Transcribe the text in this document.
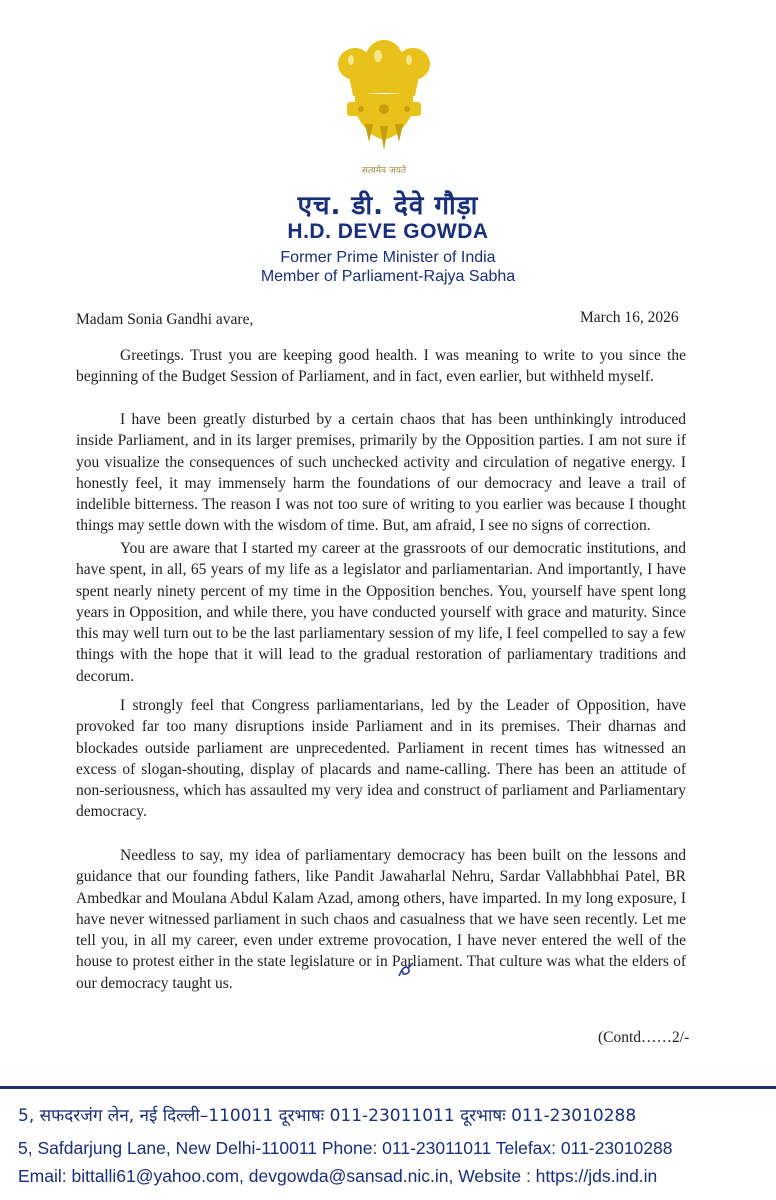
सत्यमेव जयते
एच. डी. देवे गौड़ा
H.D. DEVE GOWDA
Former Prime Minister of India
Member of Parliament-Rajya Sabha
Madam Sonia Gandhi avare,	March 16, 2026

Greetings. Trust you are keeping good health. I was meaning to write to you since the beginning of the Budget Session of Parliament, and in fact, even earlier, but withheld myself.

I have been greatly disturbed by a certain chaos that has been unthinkingly introduced inside Parliament, and in its larger premises, primarily by the Opposition parties. I am not sure if you visualize the consequences of such unchecked activity and circulation of negative energy. I honestly feel, it may immensely harm the foundations of our democracy and leave a trail of indelible bitterness. The reason I was not too sure of writing to you earlier was because I thought things may settle down with the wisdom of time. But, am afraid, I see no signs of correction.

You are aware that I started my career at the grassroots of our democratic institutions, and have spent, in all, 65 years of my life as a legislator and parliamentarian. And importantly, I have spent nearly ninety percent of my time in the Opposition benches. You, yourself have spent long years in Opposition, and while there, you have conducted yourself with grace and maturity. Since this may well turn out to be the last parliamentary session of my life, I feel compelled to say a few things with the hope that it will lead to the gradual restoration of parliamentary traditions and decorum.

I strongly feel that Congress parliamentarians, led by the Leader of Opposition, have provoked far too many disruptions inside Parliament and in its premises. Their dharnas and blockades outside parliament are unprecedented. Parliament in recent times has witnessed an excess of slogan-shouting, display of placards and name-calling. There has been an attitude of non-seriousness, which has assaulted my very idea and construct of parliament and Parliamentary democracy.

Needless to say, my idea of parliamentary democracy has been built on the lessons and guidance that our founding fathers, like Pandit Jawaharlal Nehru, Sardar Vallabhbhai Patel, BR Ambedkar and Moulana Abdul Kalam Azad, among others, have imparted. In my long exposure, I have never witnessed parliament in such chaos and casualness that we have seen recently. Let me tell you, in all my career, even under extreme provocation, I have never entered the well of the house to protest either in the state legislature or in Parliament. That culture was what the elders of our democracy taught us.

(Contd……2/-
5, सफदरजंग लेन, नई दिल्ली–110011 दूरभाषः 011-23011011 दूरभाषः 011-23010288
5, Safdarjung Lane, New Delhi-110011 Phone: 011-23011011 Telefax: 011-23010288
Email: bittalli61@yahoo.com, devgowda@sansad.nic.in, Website : https://jds.ind.in
